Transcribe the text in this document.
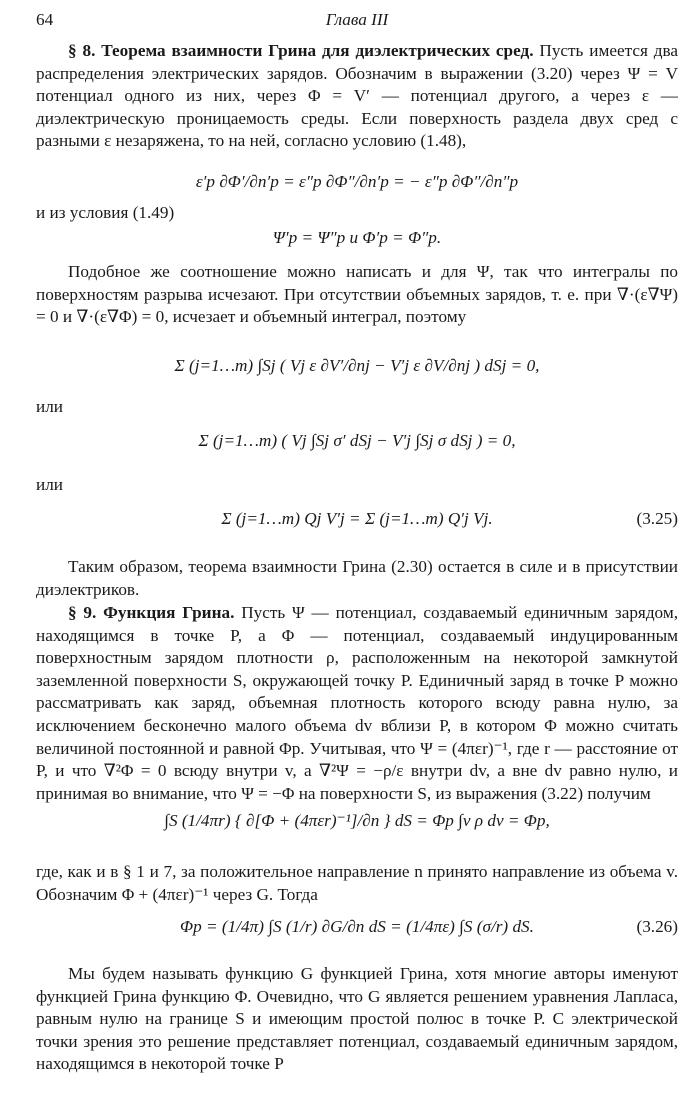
64	Глава III

§ 8. Теорема взаимности Грина для диэлектрических сред. Пусть имеется два распределения электрических зарядов. Обозначим в выражении (3.20) через Ψ = V потенциал одного из них, через Φ = V′ — потенциал другого, а через ε — диэлектрическую проницаемость среды. Если поверхность раздела двух сред с разными ε незаряжена, то на ней, согласно условию (1.48),

ε′p ∂Φ′/∂n′p = ε″p ∂Φ″/∂n′p = − ε″p ∂Φ″/∂n″p

и из условия (1.49)

Ψ′p = Ψ″p и Φ′p = Φ″p.

Подобное же соотношение можно написать и для Ψ, так что интегралы по поверхностям разрыва исчезают. При отсутствии объемных зарядов, т. е. при ∇·(ε∇Ψ) = 0 и ∇·(ε∇Φ) = 0, исчезает и объемный интеграл, поэтому

Σ (j=1…m) ∫Sj ( Vj ε ∂V′/∂nj − V′j ε ∂V/∂nj ) dSj = 0,
или
Σ (j=1…m) ( Vj ∫Sj σ′ dSj − V′j ∫Sj σ dSj ) = 0,
или
Σ (j=1…m) Qj V′j = Σ (j=1…m) Q′j Vj.	(3.25)

Таким образом, теорема взаимности Грина (2.30) остается в силе и в присутствии диэлектриков.

§ 9. Функция Грина. Пусть Ψ — потенциал, создаваемый единичным зарядом, находящимся в точке P, а Φ — потенциал, создаваемый индуцированным поверхностным зарядом плотности ρ, расположенным на некоторой замкнутой заземленной поверхности S, окружающей точку P. Единичный заряд в точке P можно рассматривать как заряд, объемная плотность которого всюду равна нулю, за исключением бесконечно малого объема dv вблизи P, в котором Φ можно считать величиной постоянной и равной Φp. Учитывая, что Ψ = (4πεr)⁻¹, где r — расстояние от P, и что ∇²Φ = 0 всюду внутри v, а ∇²Ψ = −ρ/ε внутри dv, а вне dv равно нулю, и принимая во внимание, что Ψ = −Φ на поверхности S, из выражения (3.22) получим

∫S (1/4πr) { ∂[Φ + (4πεr)⁻¹]/∂n } dS = Φp ∫v ρ dv = Φp,

где, как и в § 1 и 7, за положительное направление n принято направление из объема v. Обозначим Φ + (4πεr)⁻¹ через G. Тогда

Φp = (1/4π) ∫S (1/r) ∂G/∂n dS = (1/4πε) ∫S (σ/r) dS.	(3.26)

Мы будем называть функцию G функцией Грина, хотя многие авторы именуют функцией Грина функцию Φ. Очевидно, что G является решением уравнения Лапласа, равным нулю на границе S и имеющим простой полюс в точке P. С электрической точки зрения это решение представляет потенциал, создаваемый единичным зарядом, находящимся в некоторой точке P
